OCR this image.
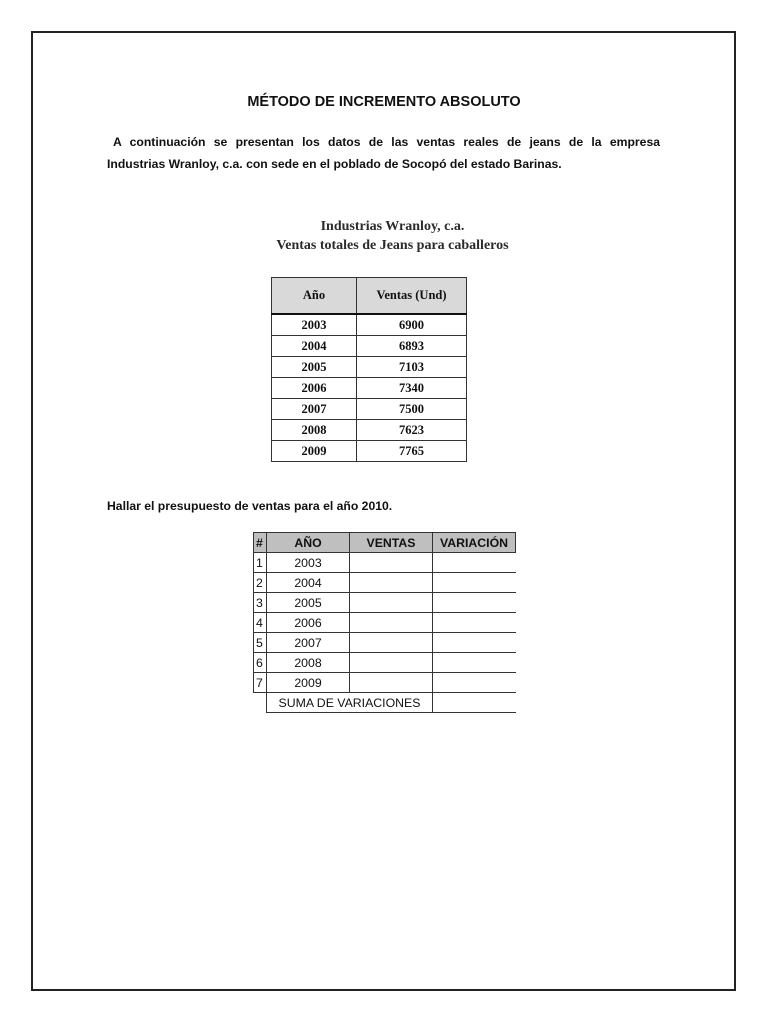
MÉTODO DE INCREMENTO ABSOLUTO
A continuación se presentan los datos de las ventas reales de jeans de la empresa
Industrias Wranloy, c.a. con sede en el poblado de Socopó del estado Barinas.
Industrias Wranloy, c.a.
Ventas totales de Jeans para caballeros
Año	Ventas (Und)
2003	6900
2004	6893
2005	7103
2006	7340
2007	7500
2008	7623
2009	7765
Hallar el presupuesto de ventas para el año 2010.
#	AÑO	VENTAS	VARIACIÓN
1	2003		
2	2004		
3	2005		
4	2006		
5	2007		
6	2008		
7	2009		
	SUMA DE VARIACIONES		
